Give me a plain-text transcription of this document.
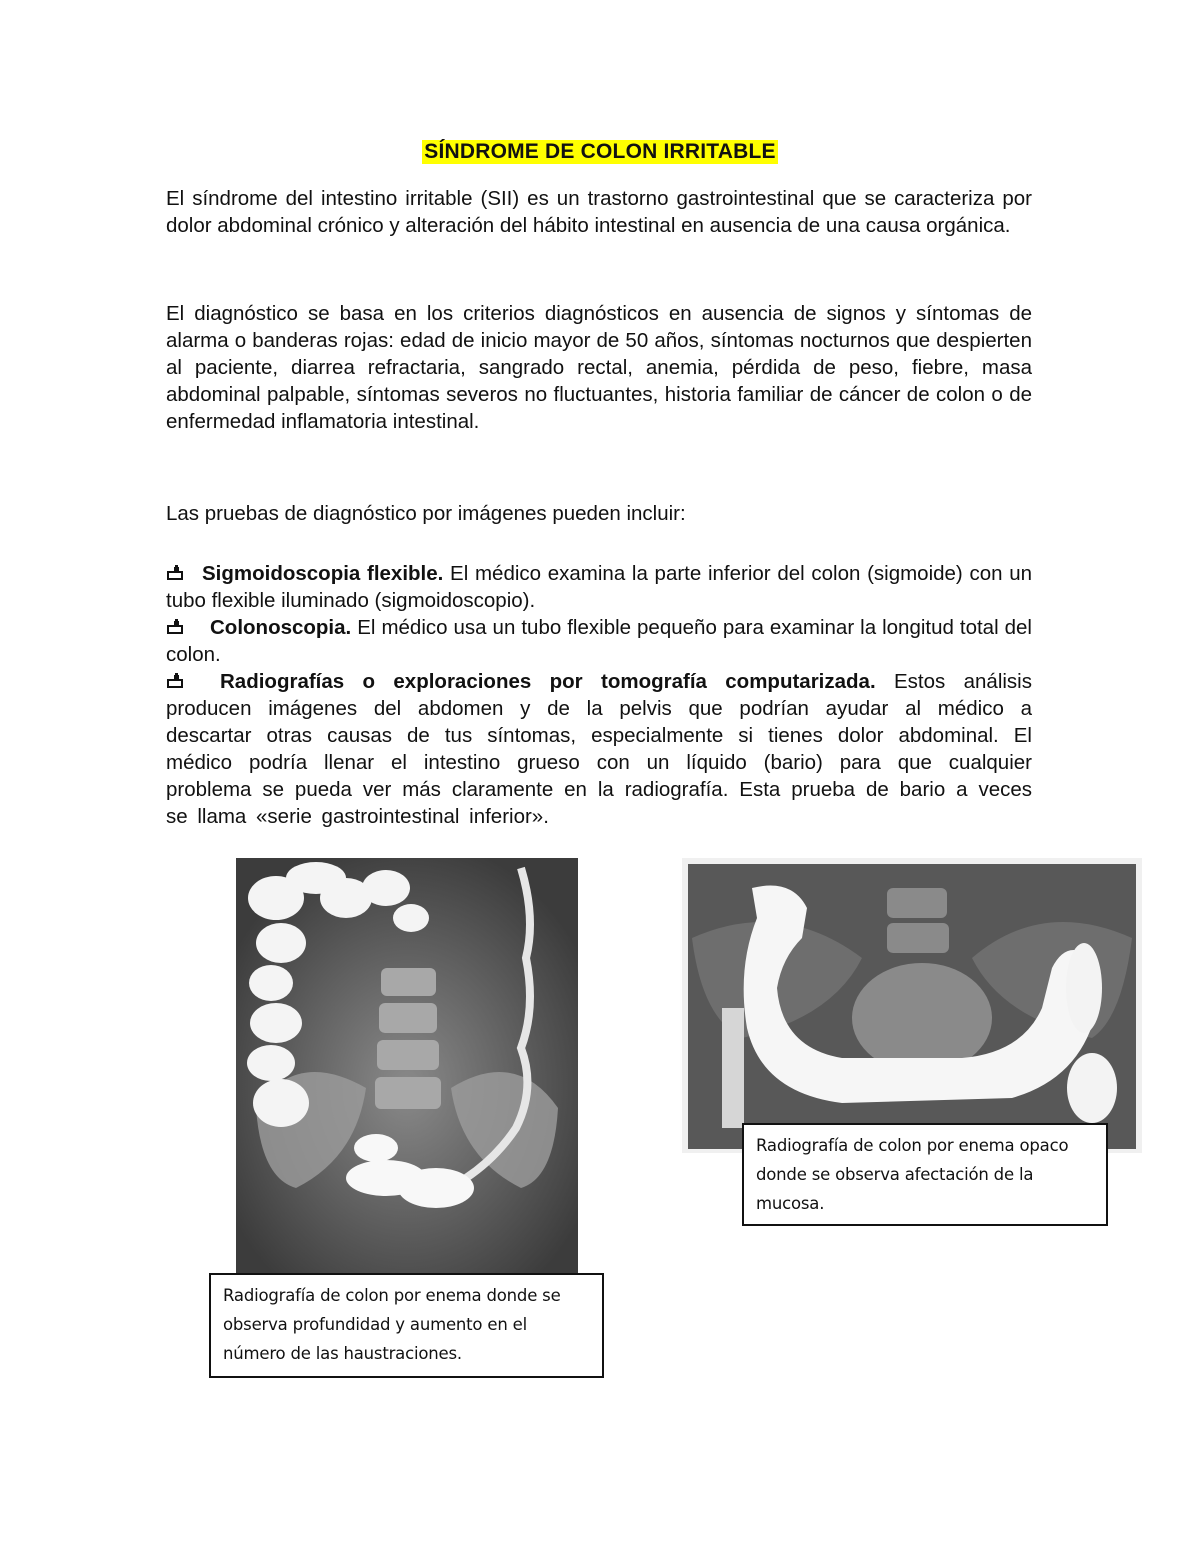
SÍNDROME DE COLON IRRITABLE

El síndrome del intestino irritable (SII) es un trastorno gastrointestinal que se caracteriza por dolor abdominal crónico y alteración del hábito intestinal en ausencia de una causa orgánica.

El diagnóstico se basa en los criterios diagnósticos en ausencia de signos y síntomas de alarma o banderas rojas: edad de inicio mayor de 50 años, síntomas nocturnos que despierten al paciente, diarrea refractaria, sangrado rectal, anemia, pérdida de peso, fiebre, masa abdominal palpable, síntomas severos no fluctuantes, historia familiar de cáncer de colon o de enfermedad inflamatoria intestinal.

Las pruebas de diagnóstico por imágenes pueden incluir:

Sigmoidoscopia flexible. El médico examina la parte inferior del colon (sigmoide) con un tubo flexible iluminado (sigmoidoscopio).

Colonoscopia. El médico usa un tubo flexible pequeño para examinar la longitud total del colon.

Radiografías o exploraciones por tomografía computarizada. Estos análisis producen imágenes del abdomen y de la pelvis que podrían ayudar al médico a descartar otras causas de tus síntomas, especialmente si tienes dolor abdominal. El médico podría llenar el intestino grueso con un líquido (bario) para que cualquier problema se pueda ver más claramente en la radiografía. Esta prueba de bario a veces se llama «serie gastrointestinal inferior».

Radiografía de colon por enema donde se observa profundidad y aumento en el número de las haustraciones.
Radiografía de colon por enema opaco donde se observa afectación de la mucosa.
